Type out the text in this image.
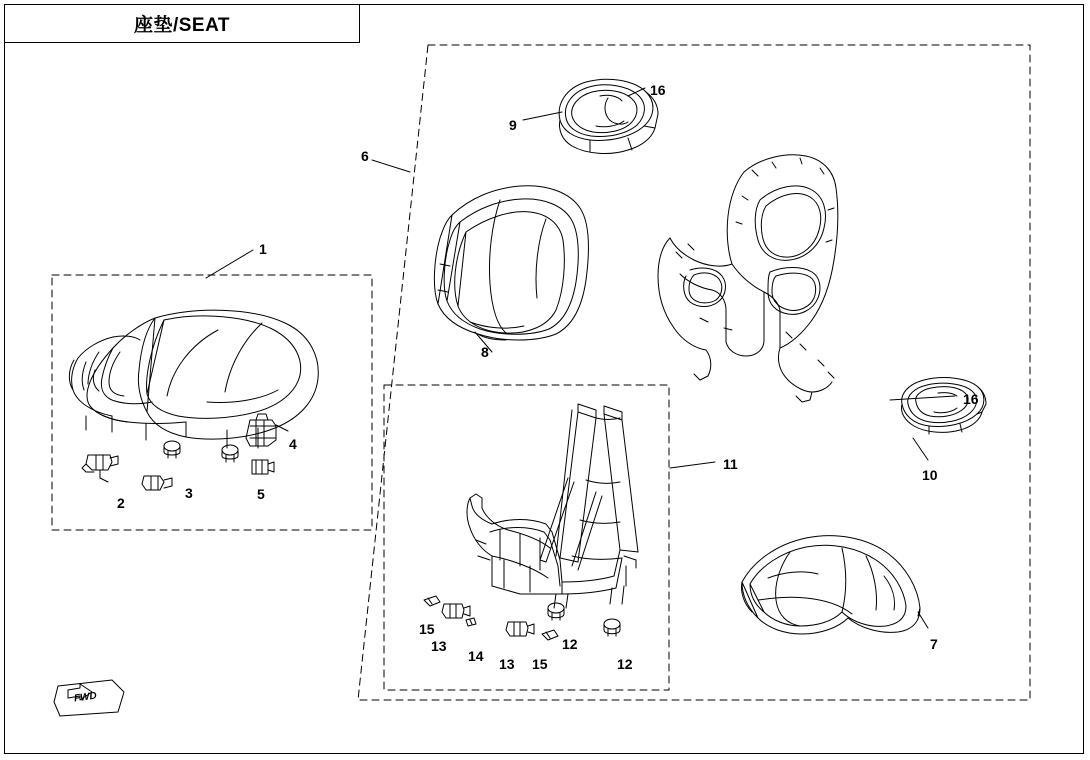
座垫/SEAT
FWD
1
2
3
4
5
6
7
8
9
10
11
12
12
13
13
14
15
15
16
16
